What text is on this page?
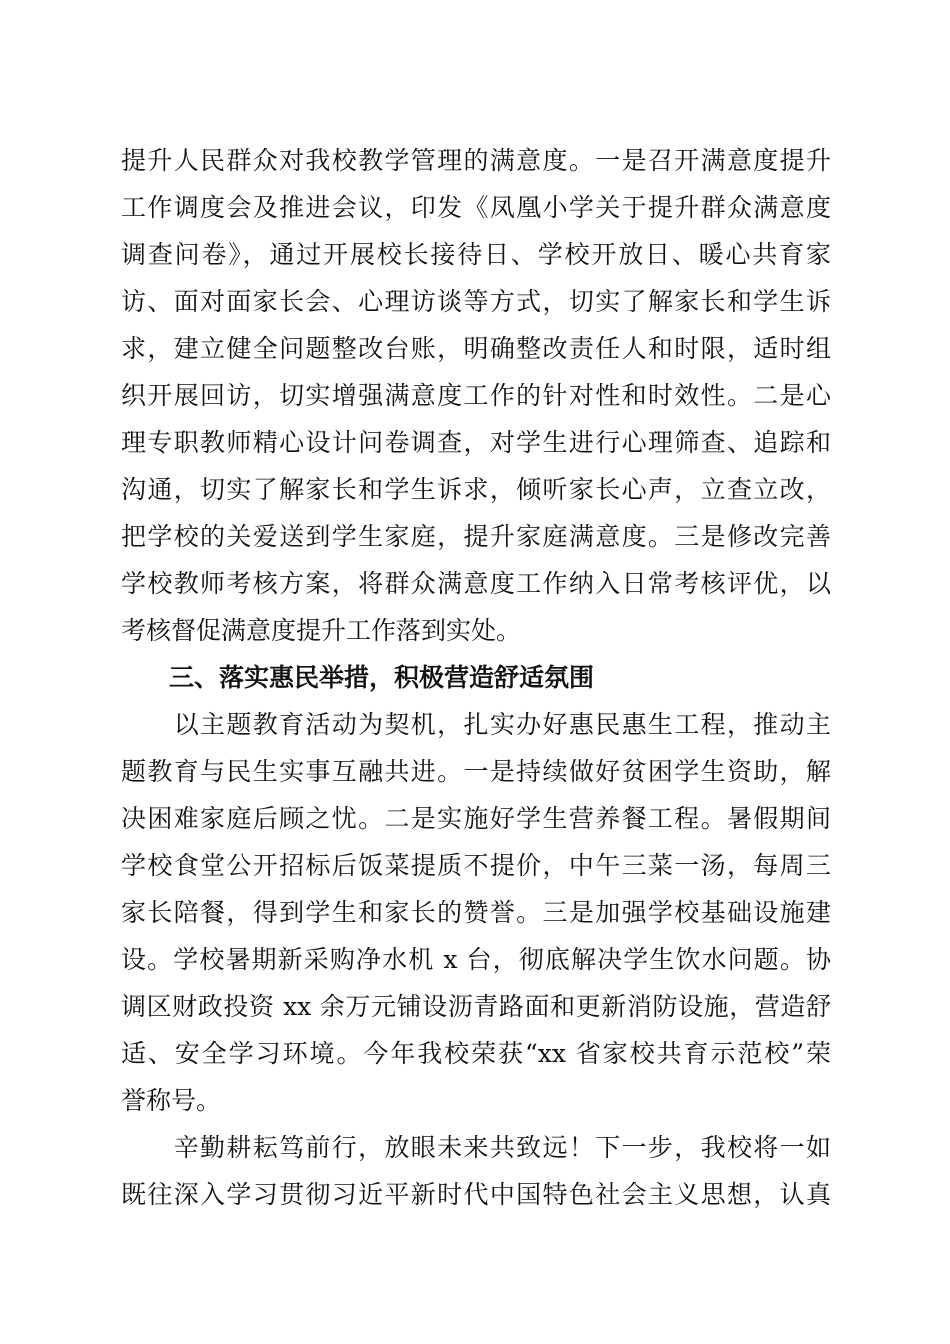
提升人民群众对我校教学管理的满意度。一是召开满意度提升
工作调度会及推进会议，印发《凤凰小学关于提升群众满意度
调查问卷》，通过开展校长接待日、学校开放日、暖心共育家
访、面对面家长会、心理访谈等方式，切实了解家长和学生诉
求，建立健全问题整改台账，明确整改责任人和时限，适时组
织开展回访，切实增强满意度工作的针对性和时效性。二是心
理专职教师精心设计问卷调查，对学生进行心理筛查、追踪和
沟通，切实了解家长和学生诉求，倾听家长心声，立查立改，
把学校的关爱送到学生家庭，提升家庭满意度。三是修改完善
学校教师考核方案，将群众满意度工作纳入日常考核评优，以
考核督促满意度提升工作落到实处。
三、落实惠民举措，积极营造舒适氛围
　　以主题教育活动为契机，扎实办好惠民惠生工程，推动主
题教育与民生实事互融共进。一是持续做好贫困学生资助，解
决困难家庭后顾之忧。二是实施好学生营养餐工程。暑假期间
学校食堂公开招标后饭菜提质不提价，中午三菜一汤，每周三
家长陪餐，得到学生和家长的赞誉。三是加强学校基础设施建
设。学校暑期新采购净水机 x 台，彻底解决学生饮水问题。协
调区财政投资 xx 余万元铺设沥青路面和更新消防设施，营造舒
适、安全学习环境。今年我校荣获“xx 省家校共育示范校”荣
誉称号。
　　辛勤耕耘笃前行，放眼未来共致远！下一步，我校将一如
既往深入学习贯彻习近平新时代中国特色社会主义思想，认真
